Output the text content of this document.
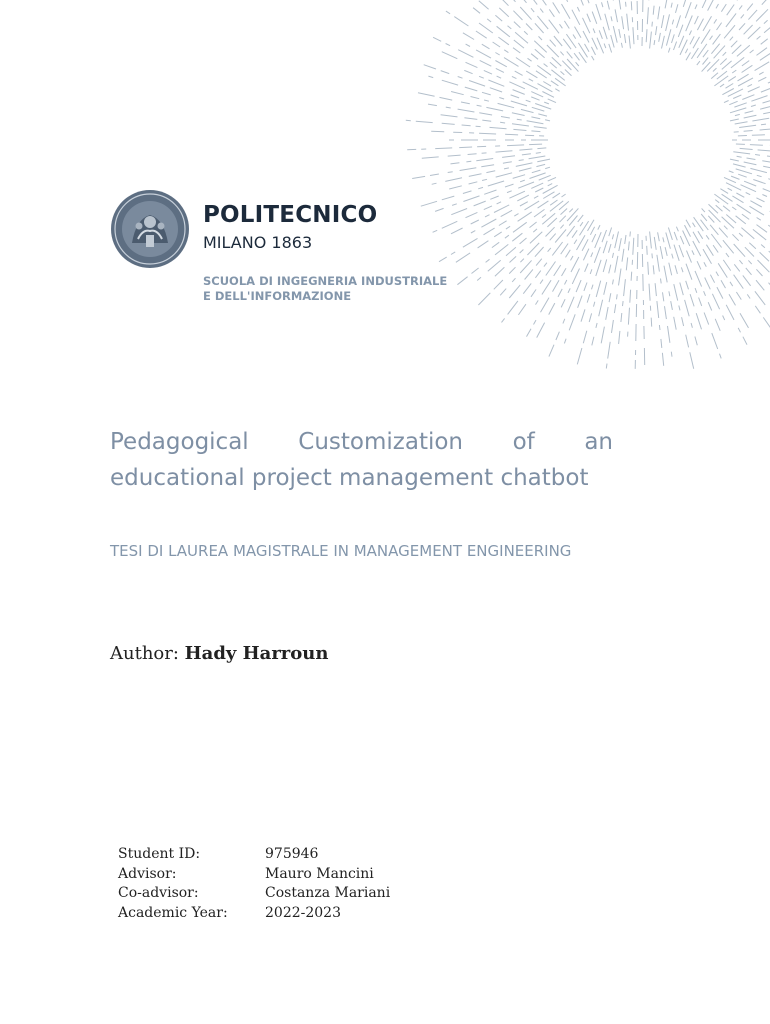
POLITECNICO
MILANO 1863
SCUOLA DI INGEGNERIA INDUSTRIALE
E DELL'INFORMAZIONE
Pedagogical Customization of an educational project management chatbot
TESI DI LAUREA MAGISTRALE IN MANAGEMENT ENGINEERING
Author: Hady Harroun
Student ID:	975946
Advisor:	Mauro Mancini
Co-advisor:	Costanza Mariani
Academic Year:	2022-2023
